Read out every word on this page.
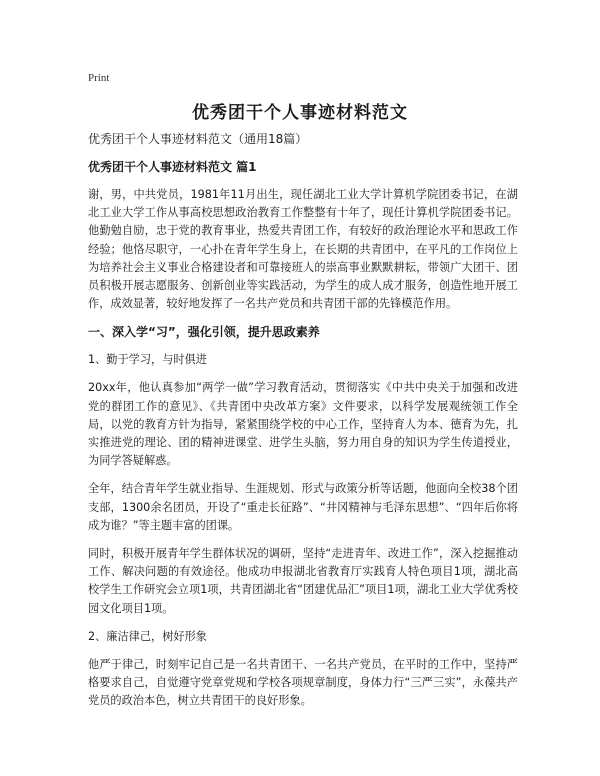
Print
优秀团干个人事迹材料范文

优秀团干个人事迹材料范文（通用18篇）

优秀团干个人事迹材料范文 篇1

谢，男，中共党员，1981年11月出生，现任湖北工业大学计算机学院团委书记，在湖北工业大学工作从事高校思想政治教育工作整整有十年了，现任计算机学院团委书记。他勤勉自励，忠于党的教育事业，热爱共青团工作，有较好的政治理论水平和思政工作经验；他恪尽职守，一心扑在青年学生身上，在长期的共青团中，在平凡的工作岗位上为培养社会主义事业合格建设者和可靠接班人的崇高事业默默耕耘，带领广大团干、团员积极开展志愿服务、创新创业等实践活动，为学生的成人成才服务，创造性地开展工作，成效显著，较好地发挥了一名共产党员和共青团干部的先锋模范作用。

一、深入学“习”，强化引领，提升思政素养

1、勤于学习，与时俱进

20xx年，他认真参加“两学一做”学习教育活动，贯彻落实《中共中央关于加强和改进党的群团工作的意见》、《共青团中央改革方案》文件要求，以科学发展观统领工作全局，以党的教育方针为指导，紧紧围绕学校的中心工作，坚持育人为本、德育为先，扎实推进党的理论、团的精神进课堂、进学生头脑，努力用自身的知识为学生传道授业，为同学答疑解惑。

全年，结合青年学生就业指导、生涯规划、形式与政策分析等话题，他面向全校38个团支部，1300余名团员，开设了“重走长征路”、“井冈精神与毛泽东思想”、“四年后你将成为谁？”等主题丰富的团课。

同时，积极开展青年学生群体状况的调研，坚持“走进青年、改进工作”，深入挖掘推动工作、解决问题的有效途径。他成功申报湖北省教育厅实践育人特色项目1项，湖北高校学生工作研究会立项1项，共青团湖北省“团建优品汇”项目1项，湖北工业大学优秀校园文化项目1项。

2、廉洁律己，树好形象

他严于律己，时刻牢记自己是一名共青团干、一名共产党员，在平时的工作中，坚持严格要求自己，自觉遵守党章党规和学校各项规章制度，身体力行“三严三实”，永葆共产党员的政治本色，树立共青团干的良好形象。
